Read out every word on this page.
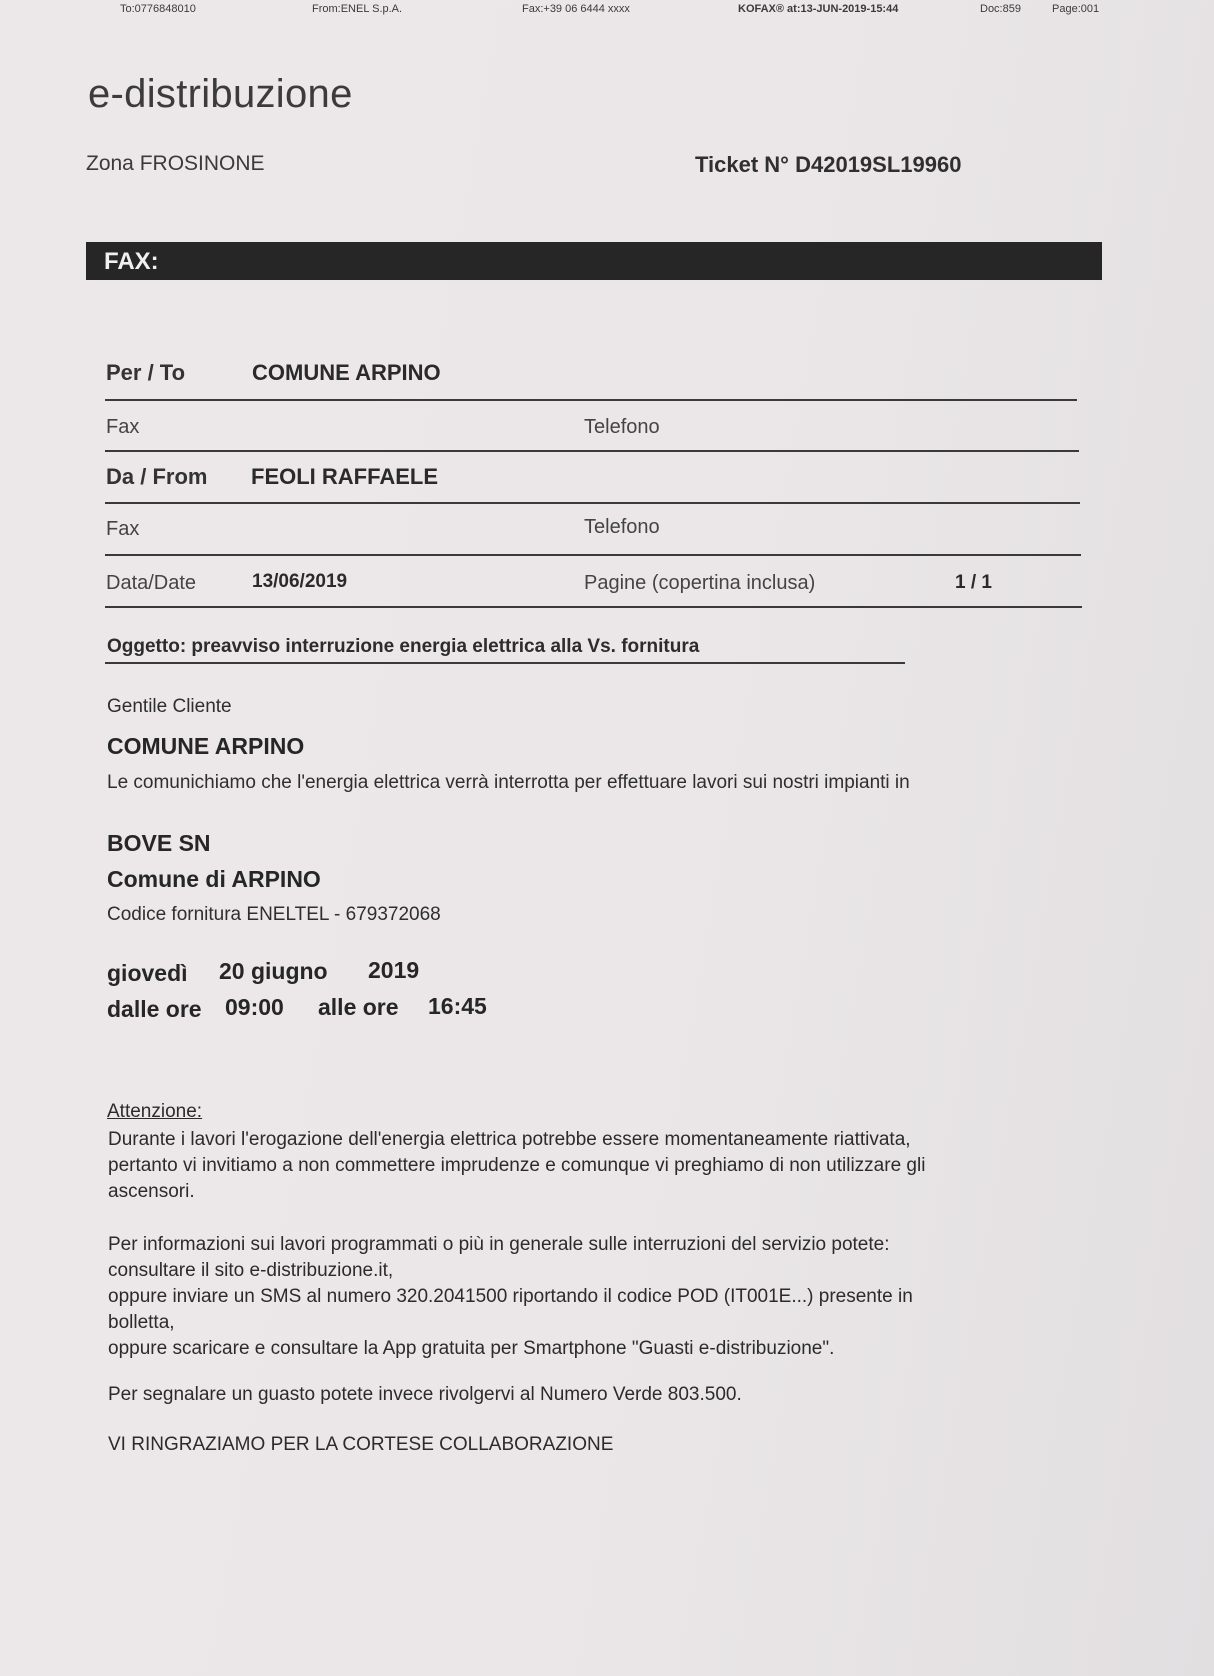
To:0776848010	From:ENEL S.p.A.	Fax:+39 06 6444 xxxx	KOFAX® at:13-JUN-2019-15:44	Doc:859	Page:001
e-distribuzione
Zona FROSINONE	Ticket N° D42019SL19960
FAX:
Per / To	COMUNE ARPINO
Fax	Telefono
Da / From FEOLI RAFFAELE
Fax	Telefono
Data/Date	13/06/2019	Pagine (copertina inclusa)	1 / 1
Oggetto: preavviso interruzione energia elettrica alla Vs. fornitura
Gentile Cliente
COMUNE ARPINO
Le comunichiamo che l'energia elettrica verrà interrotta per effettuare lavori sui nostri impianti in
BOVE SN
Comune di ARPINO
Codice fornitura ENELTEL - 679372068
giovedì 20 giugno 2019
dalle ore 09:00 alle ore 16:45
Attenzione:
Durante i lavori l'erogazione dell'energia elettrica potrebbe essere momentaneamente riattivata,
pertanto vi invitiamo a non commettere imprudenze e comunque vi preghiamo di non utilizzare gli
ascensori.
Per informazioni sui lavori programmati o più in generale sulle interruzioni del servizio potete:
consultare il sito e-distribuzione.it,
oppure inviare un SMS al numero 320.2041500 riportando il codice POD (IT001E...) presente in
bolletta,
oppure scaricare e consultare la App gratuita per Smartphone "Guasti e-distribuzione".
Per segnalare un guasto potete invece rivolgervi al Numero Verde 803.500.
VI RINGRAZIAMO PER LA CORTESE COLLABORAZIONE
